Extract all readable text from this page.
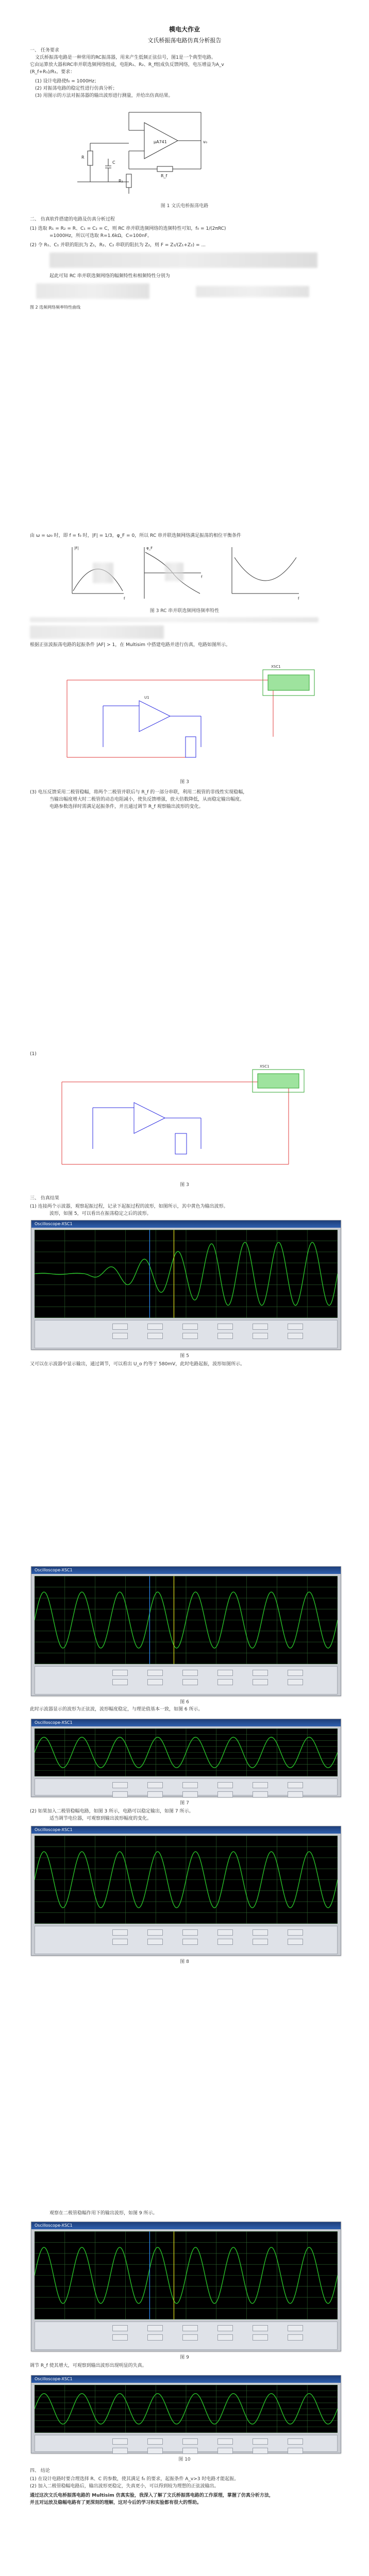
模电大作业
文氏桥振荡电路仿真分析报告
一、 任务要求
文氏桥振荡电路是一种常用的RC振荡器，用来产生低频正弦信号，图1是一个典型电路。
它由运算放大器和RC串并联选频网络组成，电阻R₁、R₂、R_f组成负反馈网络，电压增益为A_v
(R_f+R₁)/R₁。要求：
(1) 设计电路使f₀ = 1000Hz；
(2) 对振荡电路的稳定性进行仿真分析；
(3) 用图示的方法对振荡器的输出波形进行测量，并给出仿真结果。
μA741	v₀
R
C
R_f
R₁
图 1 文氏电桥振荡电路
二、 仿真软件搭建的电路及仿真分析过程
(1) 选取 R₁ = R₂ = R、C₁ = C₂ = C，则 RC 串并联选频网络的选频特性可知，f₀ = 1/(2πRC)
=1000Hz，所以可选取 R=1.6kΩ，C=100nF。
(2) 令 R₁、C₁ 并联的阻抗为 Z₁，R₂、C₂ 串联的阻抗为 Z₂，则 F = Z₁/(Z₁+Z₂) = ...
起此可知 RC 串并联选频网络的幅频特性和相频特性分别为
图 2 选频网络频率特性曲线
由 ω = ω₀ 时，即 f = f₀ 时，|F| = 1/3，φ_F = 0，所以 RC 串并联选频网络满足振荡的相位平衡条件
|F|	φ_F
f
f
f
图 3 RC 串并联选频网络频率特性
根据正弦波振荡电路的起振条件 |AF| > 1，在 Multisim 中搭建电路并进行仿真，电路如图所示。
XSC1
U1
图 3
(3) 电压反馈采用二极管稳幅，将两个二极管并联后与 R_f 的一部分串联，利用二极管的非线性实现稳幅，
当输出幅度增大时二极管的动态电阻减小，使负反馈增强，放大倍数降低，从而稳定输出幅度。
电路参数选择时需满足起振条件，并且通过调节 R_f 观察输出波形的变化。
(1)
XSC1
图 3
三、 仿真结果
(1) 连接两个示波器，观察起振过程，记录下起振过程的波形，如图所示，其中黄色为输出波形。
波形，如图 5，可以看出在振荡稳定之后的波形。
Oscilloscope-XSC1
图 5
又可以在示波器中显示输出，通过调节，可以看出 U_o 约等于 580mV，此时电路起振，波形如图所示。
Oscilloscope-XSC1
图 6
此时示波器显示的波形为正弦波，波形幅度稳定，与理论值基本一致，如图 6 所示。
Oscilloscope-XSC1
图 7
(2) 如果加入二极管稳幅电路，如图 3 所示，电路可以稳定输出，如图 7 所示。
适当调节电位器，可观察到输出波形幅度的变化。
Oscilloscope-XSC1
图 8
观察在二极管稳幅作用下的输出波形，如图 9 所示。
Oscilloscope-XSC1
图 9
调节 R_f 使其增大，可观察到输出波形出现明显的失真。
Oscilloscope-XSC1
图 10
四、 结论
(1) 在设计电路时要合理选择 R、C 的参数，使其满足 f₀ 的要求，起振条件 A_v>3 时电路才能起振。
(2) 加入二极管稳幅电路后，输出波形更稳定，失真更小，可以得到较为理想的正弦波输出。
通过这次文氏电桥振荡电路的 Multisim 仿真实验，我深入了解了文氏桥振荡电路的工作原理，掌握了仿真分析方法，
并且对运放及稳幅电路有了更深刻的理解，这对今后的学习和实验都有很大的帮助。
